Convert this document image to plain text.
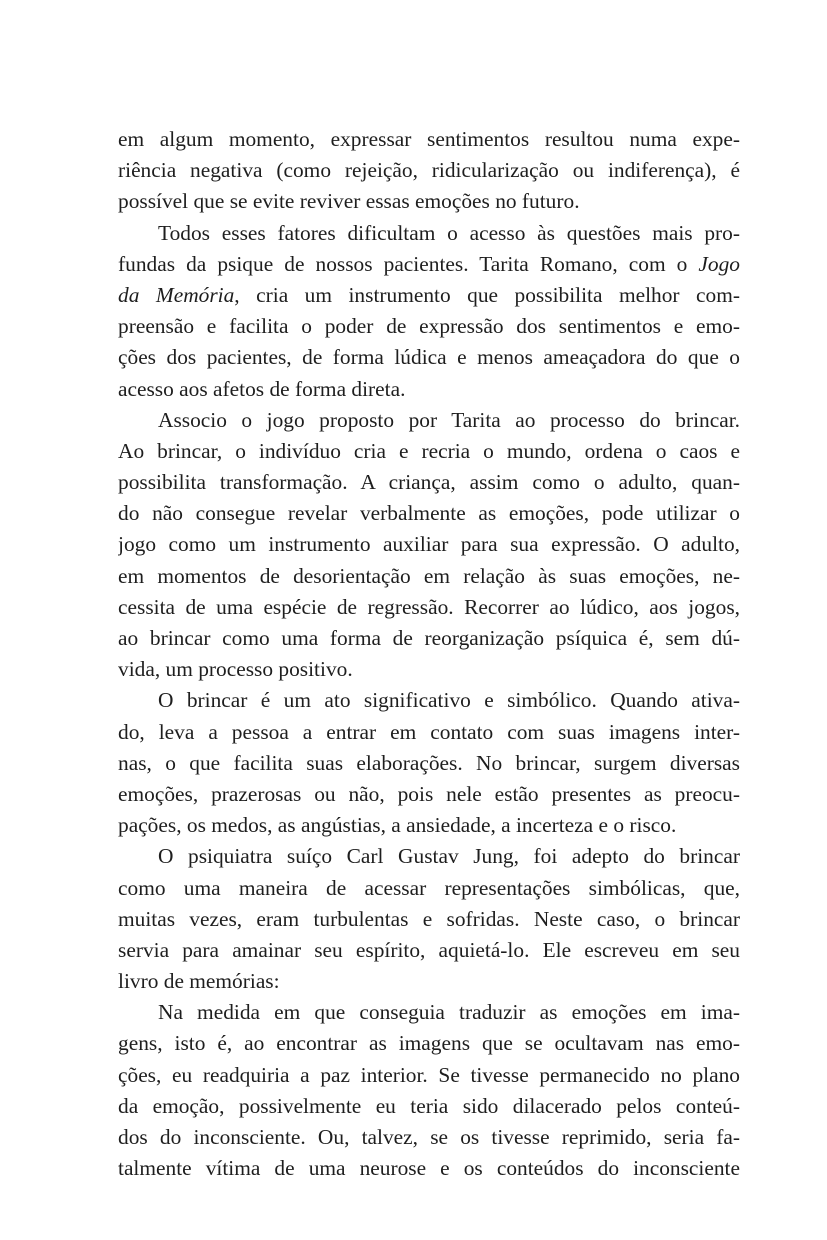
em algum momento, expressar sentimentos resultou numa expe-
riência negativa (como rejeição, ridicularização ou indiferença), é
possível que se evite reviver essas emoções no futuro.
Todos esses fatores dificultam o acesso às questões mais pro-
fundas da psique de nossos pacientes. Tarita Romano, com o Jogo
da Memória, cria um instrumento que possibilita melhor com-
preensão e facilita o poder de expressão dos sentimentos e emo-
ções dos pacientes, de forma lúdica e menos ameaçadora do que o
acesso aos afetos de forma direta.
Associo o jogo proposto por Tarita ao processo do brincar.
Ao brincar, o indivíduo cria e recria o mundo, ordena o caos e
possibilita transformação. A criança, assim como o adulto, quan-
do não consegue revelar verbalmente as emoções, pode utilizar o
jogo como um instrumento auxiliar para sua expressão. O adulto,
em momentos de desorientação em relação às suas emoções, ne-
cessita de uma espécie de regressão. Recorrer ao lúdico, aos jogos,
ao brincar como uma forma de reorganização psíquica é, sem dú-
vida, um processo positivo.
O brincar é um ato significativo e simbólico. Quando ativa-
do, leva a pessoa a entrar em contato com suas imagens inter-
nas, o que facilita suas elaborações. No brincar, surgem diversas
emoções, prazerosas ou não, pois nele estão presentes as preocu-
pações, os medos, as angústias, a ansiedade, a incerteza e o risco.
O psiquiatra suíço Carl Gustav Jung, foi adepto do brincar
como uma maneira de acessar representações simbólicas, que,
muitas vezes, eram turbulentas e sofridas. Neste caso, o brincar
servia para amainar seu espírito, aquietá-lo. Ele escreveu em seu
livro de memórias:
Na medida em que conseguia traduzir as emoções em ima-
gens, isto é, ao encontrar as imagens que se ocultavam nas emo-
ções, eu readquiria a paz interior. Se tivesse permanecido no plano
da emoção, possivelmente eu teria sido dilacerado pelos conteú-
dos do inconsciente. Ou, talvez, se os tivesse reprimido, seria fa-
talmente vítima de uma neurose e os conteúdos do inconsciente
